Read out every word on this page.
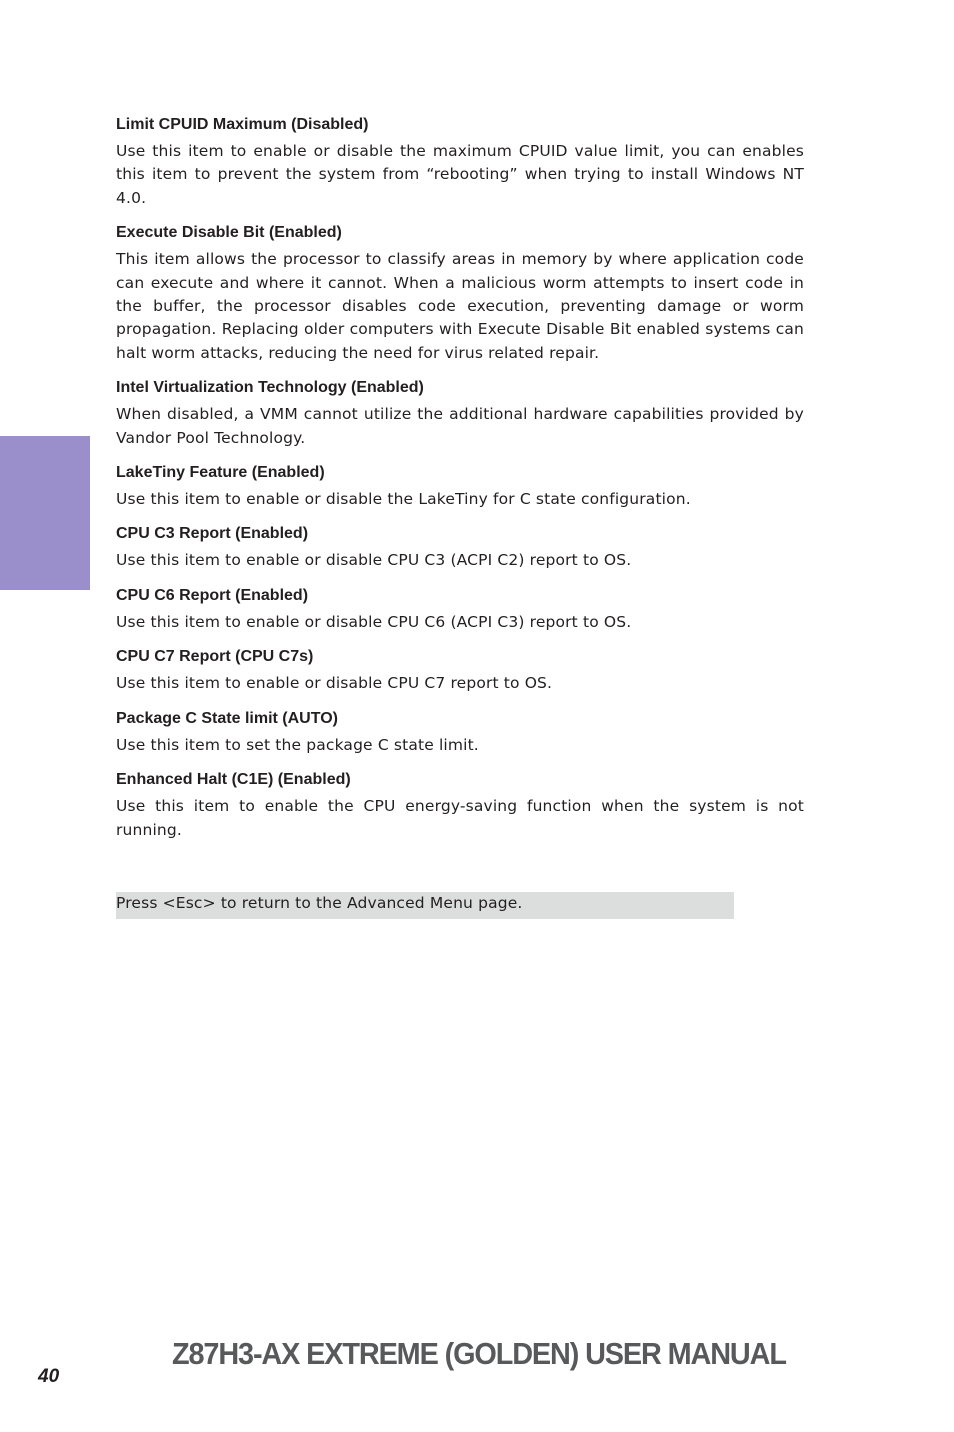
Limit CPUID Maximum (Disabled)

Use this item to enable or disable the maximum CPUID value limit, you can enables this item to prevent the system from “rebooting” when trying to install Windows NT 4.0.

Execute Disable Bit (Enabled)

This item allows the processor to classify areas in memory by where application code can execute and where it cannot. When a malicious worm attempts to insert code in the buffer, the processor disables code execution, preventing damage or worm propagation. Replacing older computers with Execute Disable Bit enabled systems can halt worm attacks, reducing the need for virus related repair.

Intel Virtualization Technology (Enabled)

When disabled, a VMM cannot utilize the additional hardware capabilities provided by Vandor Pool Technology.

LakeTiny Feature (Enabled)

Use this item to enable or disable the LakeTiny for C state configuration.

CPU C3 Report (Enabled)

Use this item to enable or disable CPU C3 (ACPI C2) report to OS.

CPU C6 Report (Enabled)

Use this item to enable or disable CPU C6 (ACPI C3) report to OS.

CPU C7 Report (CPU C7s)

Use this item to enable or disable CPU C7 report to OS.

Package C State limit (AUTO)

Use this item to set the package C state limit.

Enhanced Halt (C1E) (Enabled)

Use this item to enable the CPU energy-saving function when the system is not running.

Press <Esc> to return to the Advanced Menu page.
40
Z87H3-AX EXTREME (GOLDEN) USER MANUAL
